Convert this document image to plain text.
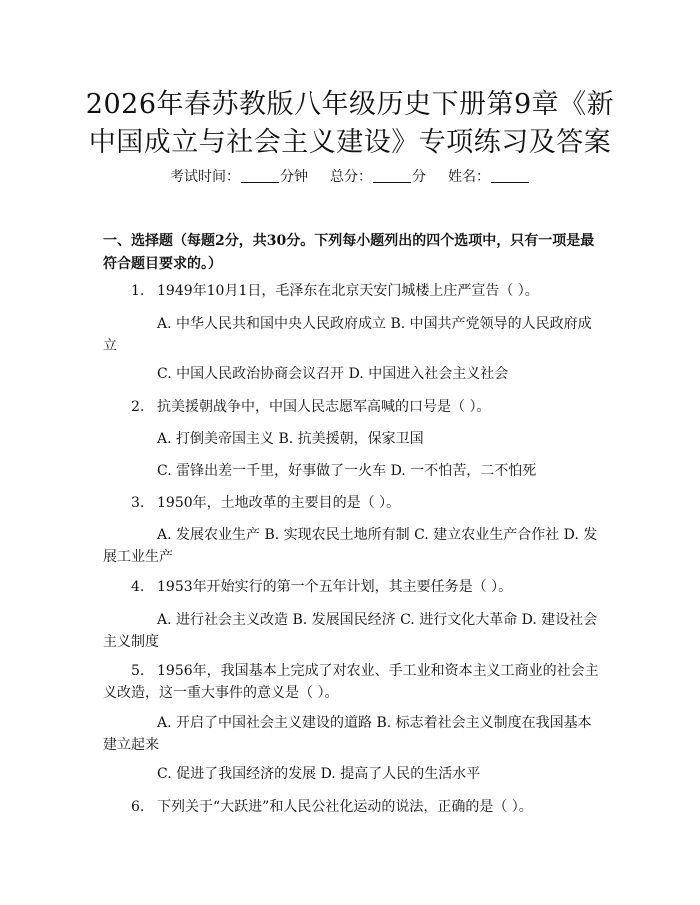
2026年春苏教版八年级历史下册第9章《新
中国成立与社会主义建设》专项练习及答案
考试时间：	分钟 总分：	分 姓名：
一、选择题（每题2分，共30分。下列每小题列出的四个选项中，只有一项是最符合题目要求的。）
1. 1949年10月1日，毛泽东在北京天安门城楼上庄严宣告（ ）。
A. 中华人民共和国中央人民政府成立 B. 中国共产党领导的人民政府成立
C. 中国人民政治协商会议召开 D. 中国进入社会主义社会
2. 抗美援朝战争中，中国人民志愿军高喊的口号是（ ）。
A. 打倒美帝国主义 B. 抗美援朝，保家卫国
C. 雷锋出差一千里，好事做了一火车 D. 一不怕苦，二不怕死
3. 1950年，土地改革的主要目的是（ ）。
A. 发展农业生产 B. 实现农民土地所有制 C. 建立农业生产合作社 D. 发展工业生产
4. 1953年开始实行的第一个五年计划，其主要任务是（ ）。
A. 进行社会主义改造 B. 发展国民经济 C. 进行文化大革命 D. 建设社会主义制度
5. 1956年，我国基本上完成了对农业、手工业和资本主义工商业的社会主义改造，这一重大事件的意义是（ ）。
A. 开启了中国社会主义建设的道路 B. 标志着社会主义制度在我国基本建立起来
C. 促进了我国经济的发展 D. 提高了人民的生活水平
6. 下列关于“大跃进”和人民公社化运动的说法，正确的是（ ）。
